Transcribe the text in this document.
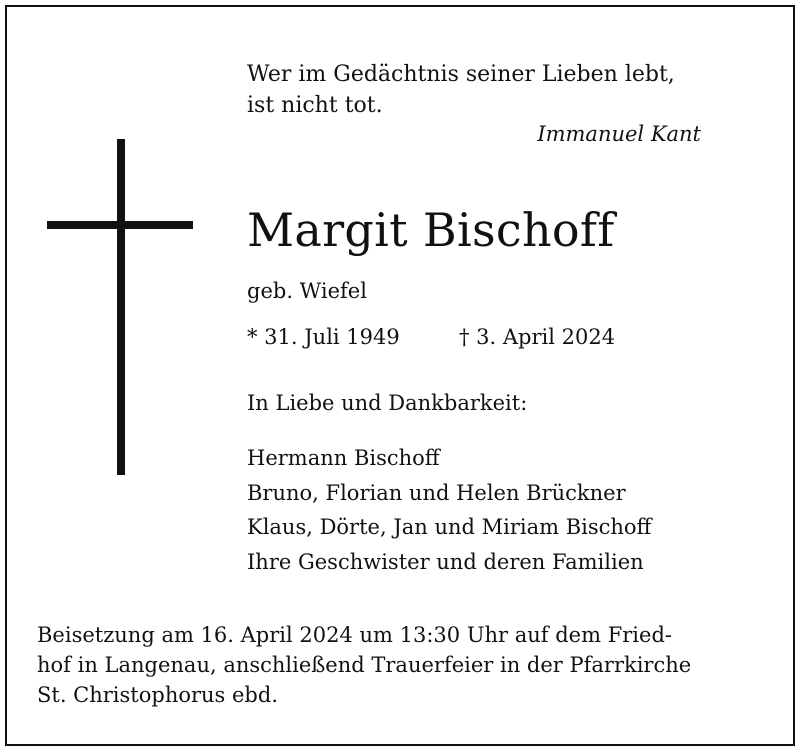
Wer im Gedächtnis seiner Lieben lebt,
ist nicht tot.
Immanuel Kant
Margit Bischoff
geb. Wiefel
* 31. Juli 1949	† 3. April 2024
In Liebe und Dankbarkeit:
Hermann Bischoff
Bruno, Florian und Helen Brückner
Klaus, Dörte, Jan und Miriam Bischoff
Ihre Geschwister und deren Familien
Beisetzung am 16. April 2024 um 13:30 Uhr auf dem Fried-
hof in Langenau, anschließend Trauerfeier in der Pfarrkirche
St. Christophorus ebd.
